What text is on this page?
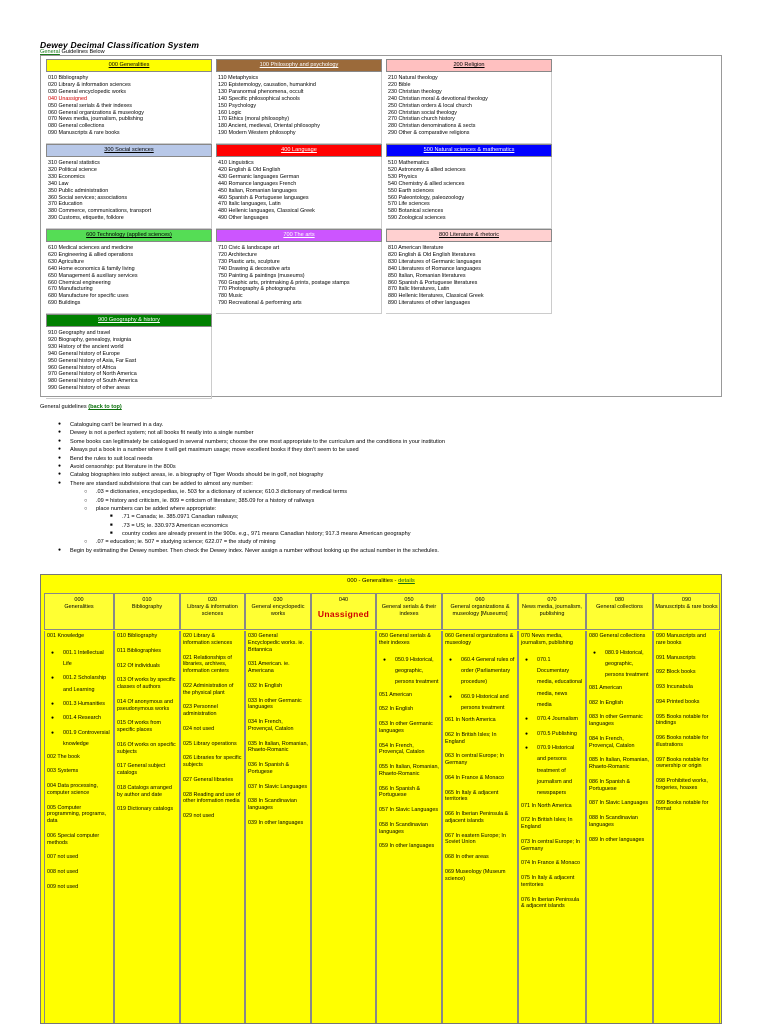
Dewey Decimal Classification System
General Guidelines Below
000 Generalities
010 Bibliography
020 Library & information sciences
030 General encyclopedic works
040 Unassigned
050 General serials & their indexes
060 General organizations & museology
070 News media, journalism, publishing
080 General collections
090 Manuscripts & rare books
100 Philosophy and psychology
110 Metaphysics
120 Epistemology, causation, humankind
130 Paranormal phenomena, occult
140 Specific philosophical schools
150 Psychology
160 Logic
170 Ethics (moral philosophy)
180 Ancient, medieval, Oriental philosophy
190 Modern Western philosophy
200 Religion
210 Natural theology
220 Bible
230 Christian theology
240 Christian moral & devotional theology
250 Christian orders & local church
260 Christian social theology
270 Christian church history
280 Christian denominations & sects
290 Other & comparative religions
300 Social sciences
310 General statistics
320 Political science
330 Economics
340 Law
350 Public administration
360 Social services; associations
370 Education
380 Commerce, communications, transport
390 Customs, etiquette, folklore
400 Language
410 Linguistics
420 English & Old English
430 Germanic languages German
440 Romance languages French
450 Italian, Romanian languages
460 Spanish & Portuguese languages
470 Italic languages, Latin
480 Hellenic languages, Classical Greek
490 Other languages
500 Natural sciences & mathematics
510 Mathematics
520 Astronomy & allied sciences
530 Physics
540 Chemistry & allied sciences
550 Earth sciences
560 Paleontology, paleozoology
570 Life sciences
580 Botanical sciences
590 Zoological sciences
600 Technology (applied sciences)
610 Medical sciences and medicine
620 Engineering & allied operations
630 Agriculture
640 Home economics & family living
650 Management & auxiliary services
660 Chemical engineering
670 Manufacturing
680 Manufacture for specific uses
690 Buildings
700 The arts
710 Civic & landscape art
720 Architecture
730 Plastic arts, sculpture
740 Drawing & decorative arts
750 Painting & paintings (museums)
760 Graphic arts, printmaking & prints, postage stamps
770 Photography & photographs
780 Music
790 Recreational & performing arts
800 Literature & rhetoric
810 American literature
820 English & Old English literatures
830 Literatures of Germanic languages
840 Literatures of Romance languages
850 Italian, Romanian literatures
860 Spanish & Portuguese literatures
870 Italic literatures, Latin
880 Hellenic literatures, Classical Greek
890 Literatures of other languages
900 Geography & history
910 Geography and travel
920 Biography, genealogy, insignia
930 History of the ancient world
940 General history of Europe
950 General history of Asia, Far East
960 General history of Africa
970 General history of North America
980 General history of South America
990 General history of other areas
General guidelines (back to top)
● Cataloguing can't be learned in a day.
● Dewey is not a perfect system; not all books fit neatly into a single number
● Some books can legitimately be catalogued in several numbers; choose the one most appropriate to the curriculum and the conditions in your institution
● Always put a book in a number where it will get maximum usage; move excellent books if they don't seem to be used
● Bend the rules to suit local needs
● Avoid censorship: put literature in the 800s
● Catalog biographies into subject areas, ie. a biography of Tiger Woods should be in golf, not biography
● There are standard subdivisions that can be added to almost any number:
○ .03 = dictionaries, encyclopedias, ie. 503 for a dictionary of science; 610.3 dictionary of medical terms
○ .09 = history and criticism, ie. 809 = criticism of literature; 385.09 for a history of railways
○ place numbers can be added where appropriate:
■ .71 = Canada; ie. 385.0971 Canadian railways;
■ .73 = US; ie. 330.973 American economics
■ country codes are already present in the 900s. e.g., 971 means Canadian history; 917.3 means American geography
○ .07 = education; ie. 507 = studying science; 622.07 = the study of mining
● Begin by estimating the Dewey number. Then check the Dewey index. Never assign a number without looking up the actual number in the schedules.
000 - Generalities - details
000
Generalities
001 Knowledge
● 001.1 Intellectual Life
● 001.2 Scholarship and Learning
● 001.3 Humanities
● 001.4 Research
● 001.9 Controversial knowledge
002 The book
003 Systems
004 Data processing, computer science
005 Computer programming, programs, data
006 Special computer methods
007 not used
008 not used
009 not used
010
Bibliography
010 Bibliography
011 Bibliographies
012 Of individuals
013 Of works by specific classes of authors
014 Of anonymous and pseudonymous works
015 Of works from specific places
016 Of works on specific subjects
017 General subject catalogs
018 Catalogs arranged by author and date
019 Dictionary catalogs
020
Library & information sciences
020 Library & information sciences
021 Relationships of libraries, archives, information centers
022 Administration of the physical plant
023 Personnel administration
024 not used
025 Library operations
026 Libraries for specific subjects
027 General libraries
028 Reading and use of other information media
029 not used
030
General encyclopedic works
030 General Encyclopedic works. ie. Britannica
031 American. ie. Americana
032 In English
033 In other Germanic languages
034 In French, Provençal, Catalon
035 In Italian, Romanian, Rhaeto-Romanic
036 In Spanish & Portugese
037 In Slavic Languages
038 In Scandinavian languages
039 In other languages
040
Unassigned
050
General serials & their indexes
050 General serials & their indexes
● 050.9 Historical, geographic, persons treatment
051 American
052 In English
053 In other Germanic languages
054 In French, Provençal, Catalon
055 In Italian, Romanian, Rhaeto-Romanic
056 In Spanish & Portuguese
057 In Slavic Languages
058 In Scandinavian languages
059 In other languages
060
General organizations & museology [Museums]
060 General organizations & museology
● 060.4 General rules of order (Parliamentary procedure)
● 060.9 Historical and persons treatment
061 In North America
062 In British Isles; In England
063 In central Europe; In Germany
064 In France & Monaco
065 In Italy & adjacent territories
066 In Iberian Peninsula & adjacent islands
067 In eastern Europe; In Soviet Union
068 In other areas
069 Museology (Museum science)
070
News media, journalism, publishing
070 News media, journalism, publishing
● 070.1 Documentary media, educational media, news media
● 070.4 Journalism
● 070.5 Publishing
● 070.9 Historical and persons treatment of journalism and newspapers
071 In North America
072 In British Isles; In England
073 In central Europe; In Germany
074 In France & Monaco
075 In Italy & adjacent territories
076 In Iberian Peninsula & adjacent islands
080
General collections
080 General collections
● 080.9 Historical, geographic, persons treatment
081 American
082 In English
083 In other Germanic languages
084 In French, Provençal, Catalon
085 In Italian, Romanian, Rhaeto-Romanic
086 In Spanish & Portuguese
087 In Slavic Languages
088 In Scandinavian languages
089 In other languages
090
Manuscripts & rare books
090 Manuscripts and rare books
091 Manuscripts
092 Block books
093 Incunabula
094 Printed books
095 Books notable for bindings
096 Books notable for illustrations
097 Books notable for ownership or origin
098 Prohibited works, forgeries, hoaxes
099 Books notable for format
